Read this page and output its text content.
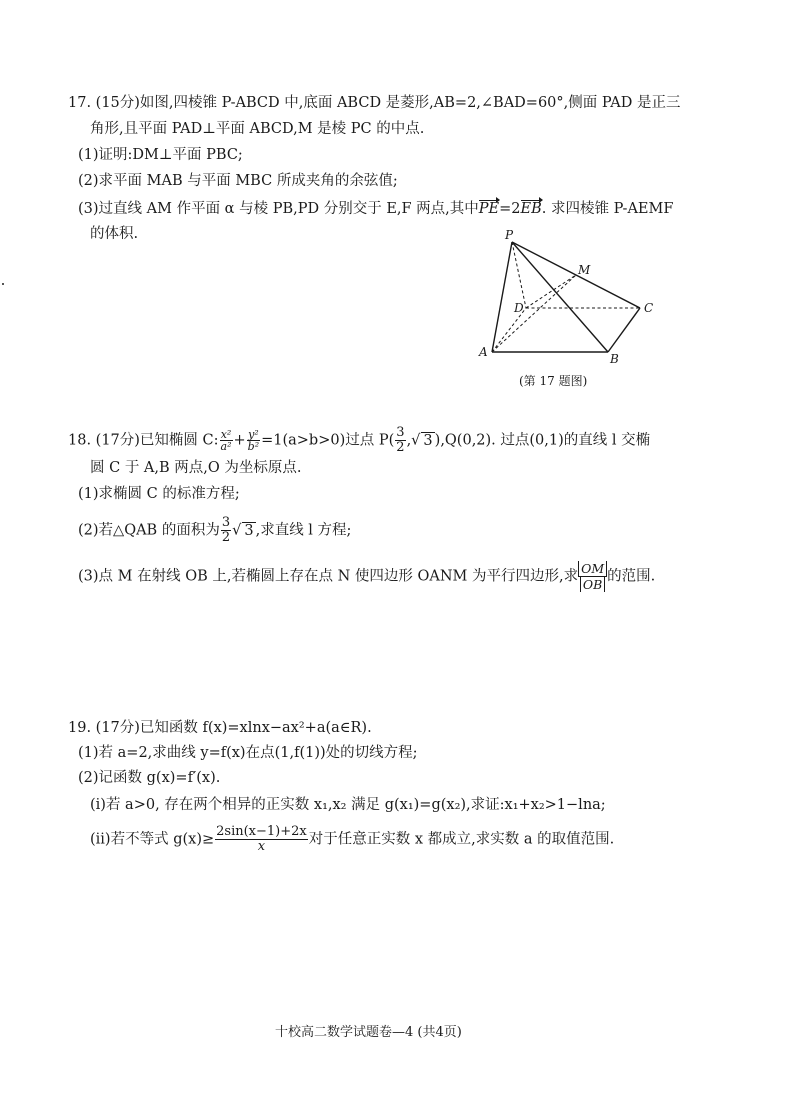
17. (15分)如图,四棱锥 P-ABCD 中,底面 ABCD 是菱形,AB=2,∠BAD=60°,侧面 PAD 是正三
角形,且平面 PAD⊥平面 ABCD,M 是棱 PC 的中点.
(1)证明:DM⊥平面 PBC;
(2)求平面 MAB 与平面 MBC 所成夹角的余弦值;
(3)过直线 AM 作平面 α 与棱 PB,PD 分别交于 E,F 两点,其中PE=2EB. 求四棱锥 P-AEMF
的体积.	P
M
D	C
A	B
(第 17 题图)
18. (17分)已知椭圆 C: $\frac{\text{x²}}{\text{a²}} + \frac{\text{y²}}{\text{b²}} =1(a>b>0)$过点 $P( \frac{3}{2}$ ,√ 3 ),Q(0,2). 过点(0,1)的直线 l 交椭
圆 C 于 A,B 两点,O 为坐标原点.
(1)求椭圆 C 的标准方程;
(2)若△QAB 的面积为 $\frac{3}{2}$ √ 3 ,求直线 l 方程;
(3)点 M 在射线 OB 上,若椭圆上存在点 N 使四边形 OANM 为平行四边形,求 $\frac{OM}{OB}$ 的范围.
19. (17分)已知函数 f(x)=xlnx−ax²+a(a∈R).
(1)若 a=2,求曲线 y=f(x)在点(1,f(1))处的切线方程;
(2)记函数 g(x)=f′(x).
(i)若 a>0, 存在两个相异的正实数 x₁,x₂ 满足 g(x₁)=g(x₂),求证:x₁+x₂>1−lna;
(ii)若不等式 $g(x)\ge \frac{2\sin(x-1)+2x}{x}$ 对于任意正实数 x 都成立,求实数 a 的取值范围.
十校高二数学试题卷—4 (共4页)
